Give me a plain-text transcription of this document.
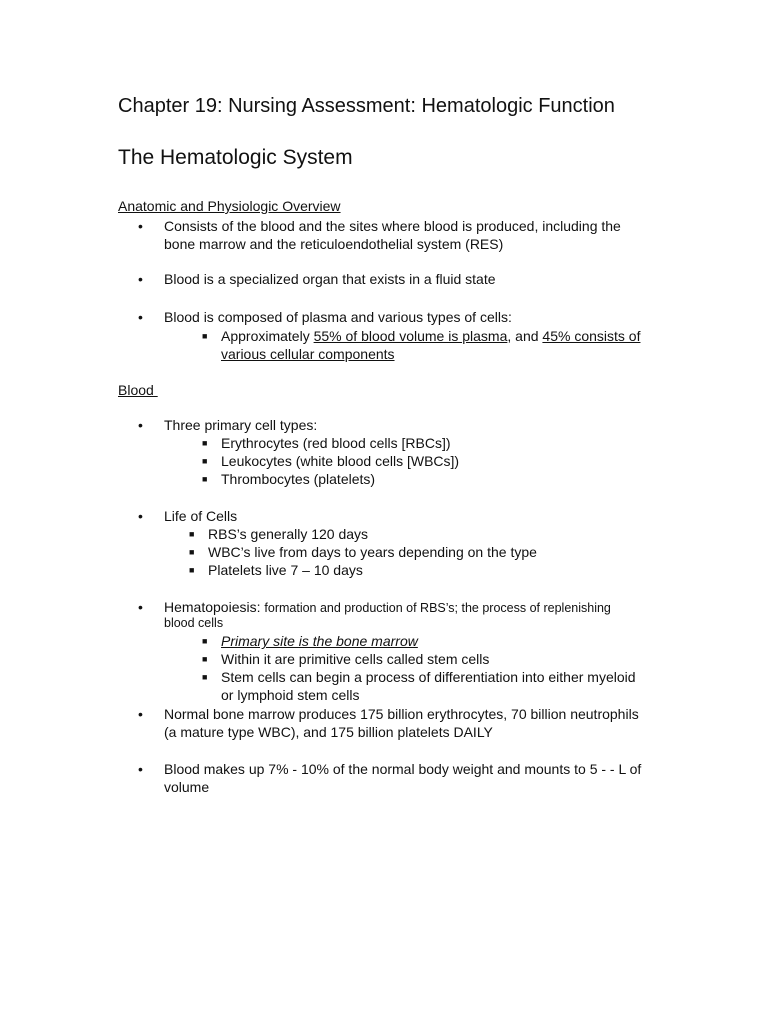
Chapter 19: Nursing Assessment: Hematologic Function
The Hematologic System
Anatomic and Physiologic Overview
• Consists of the blood and the sites where blood is produced, including the
bone marrow and the reticuloendothelial system (RES)
• Blood is a specialized organ that exists in a fluid state
• Blood is composed of plasma and various types of cells:
■ Approximately 55% of blood volume is plasma, and 45% consists of
various cellular components
Blood
• Three primary cell types:
■ Erythrocytes (red blood cells [RBCs])
■ Leukocytes (white blood cells [WBCs])
■ Thrombocytes (platelets)
• Life of Cells
■ RBS’s generally 120 days
■ WBC’s live from days to years depending on the type
■ Platelets live 7 – 10 days
• Hematopoiesis: formation and production of RBS’s; the process of replenishing
blood cells
■ Primary site is the bone marrow
■ Within it are primitive cells called stem cells
■ Stem cells can begin a process of differentiation into either myeloid
or lymphoid stem cells
• Normal bone marrow produces 175 billion erythrocytes, 70 billion neutrophils
(a mature type WBC), and 175 billion platelets DAILY
• Blood makes up 7% - 10% of the normal body weight and mounts to 5 - - L of
volume
